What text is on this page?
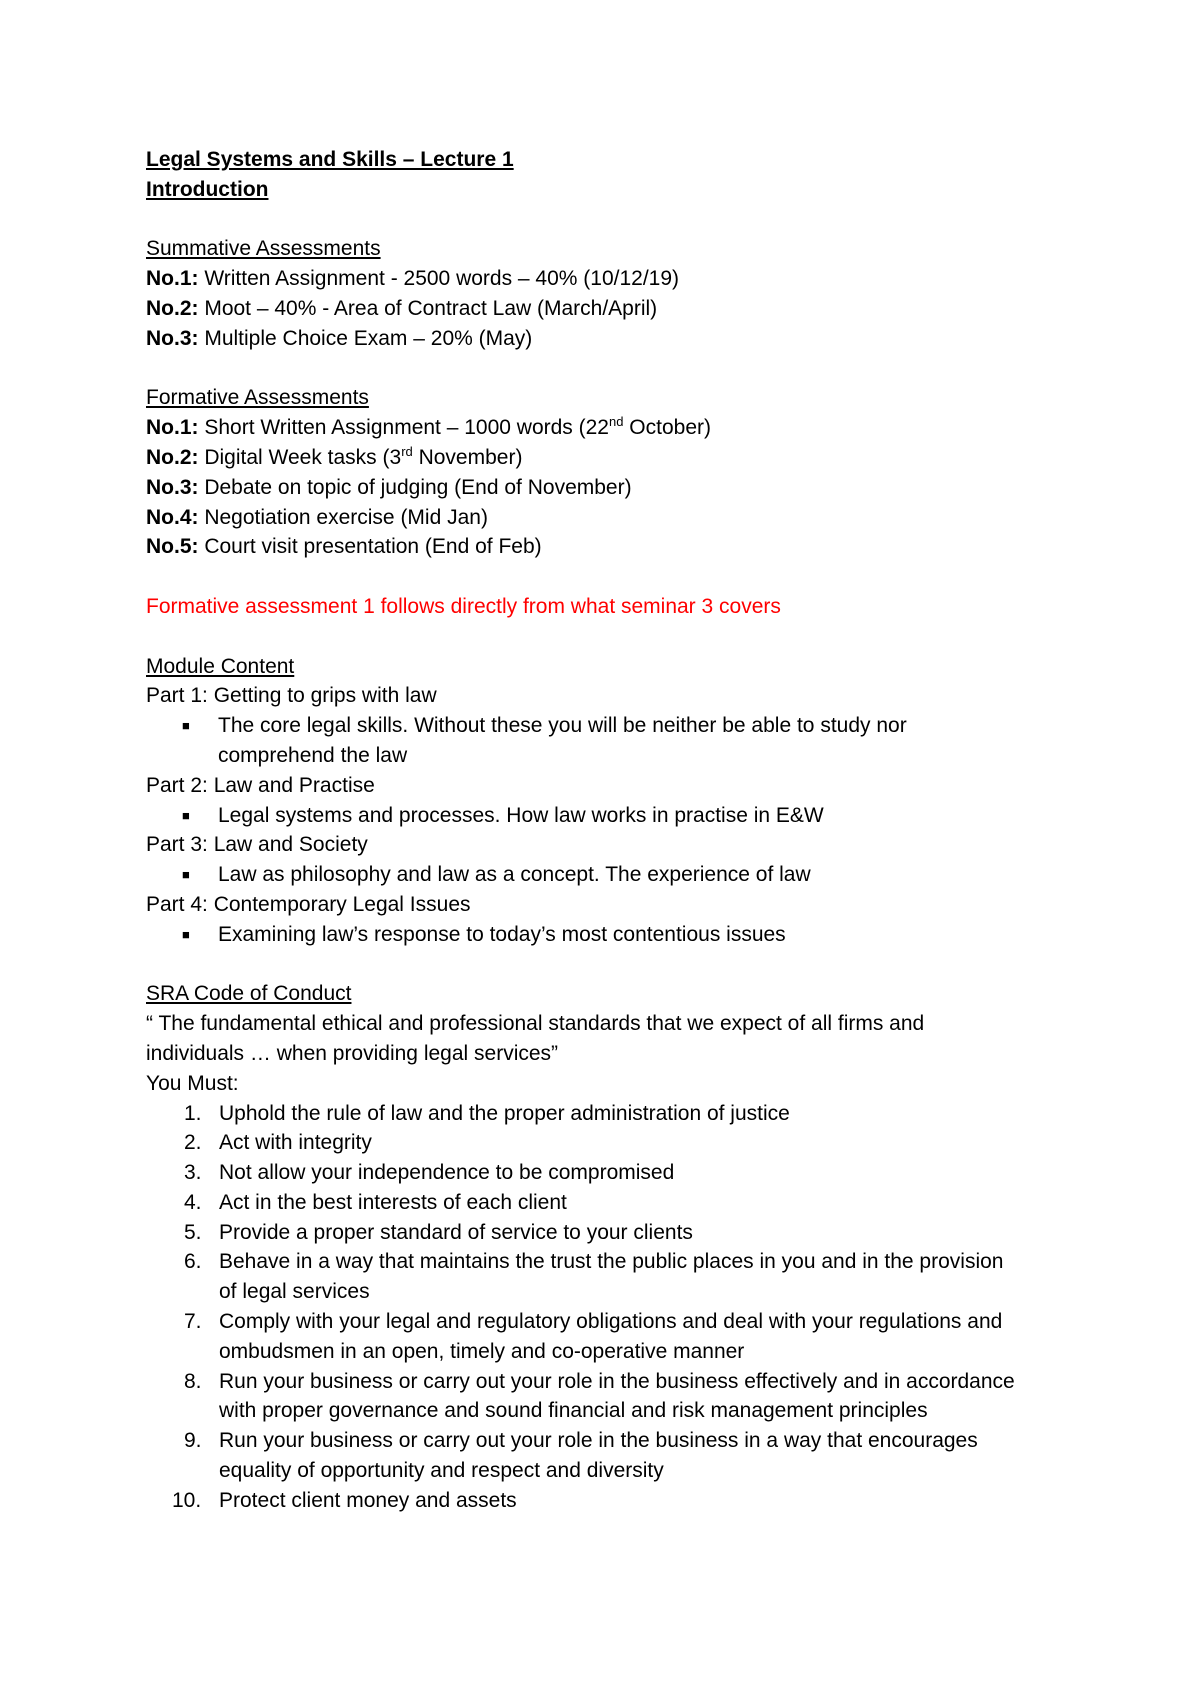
Legal Systems and Skills – Lecture 1
Introduction
Summative Assessments
No.1: Written Assignment - 2500 words – 40% (10/12/19)
No.2: Moot – 40% - Area of Contract Law (March/April)
No.3: Multiple Choice Exam – 20% (May)
Formative Assessments
No.1: Short Written Assignment – 1000 words (22nd October)
No.2: Digital Week tasks (3rd November)
No.3: Debate on topic of judging (End of November)
No.4: Negotiation exercise (Mid Jan)
No.5: Court visit presentation (End of Feb)
Formative assessment 1 follows directly from what seminar 3 covers
Module Content
Part 1: Getting to grips with law
■	The core legal skills. Without these you will be neither be able to study nor
comprehend the law
Part 2: Law and Practise
■	Legal systems and processes. How law works in practise in E&W
Part 3: Law and Society
■	Law as philosophy and law as a concept. The experience of law
Part 4: Contemporary Legal Issues
■	Examining law’s response to today’s most contentious issues
SRA Code of Conduct
“ The fundamental ethical and professional standards that we expect of all firms and
individuals … when providing legal services”
You Must:
1. Uphold the rule of law and the proper administration of justice
2. Act with integrity
3. Not allow your independence to be compromised
4. Act in the best interests of each client
5. Provide a proper standard of service to your clients
6. Behave in a way that maintains the trust the public places in you and in the provision
of legal services
7. Comply with your legal and regulatory obligations and deal with your regulations and
ombudsmen in an open, timely and co-operative manner
8. Run your business or carry out your role in the business effectively and in accordance
with proper governance and sound financial and risk management principles
9. Run your business or carry out your role in the business in a way that encourages
equality of opportunity and respect and diversity
10. Protect client money and assets
